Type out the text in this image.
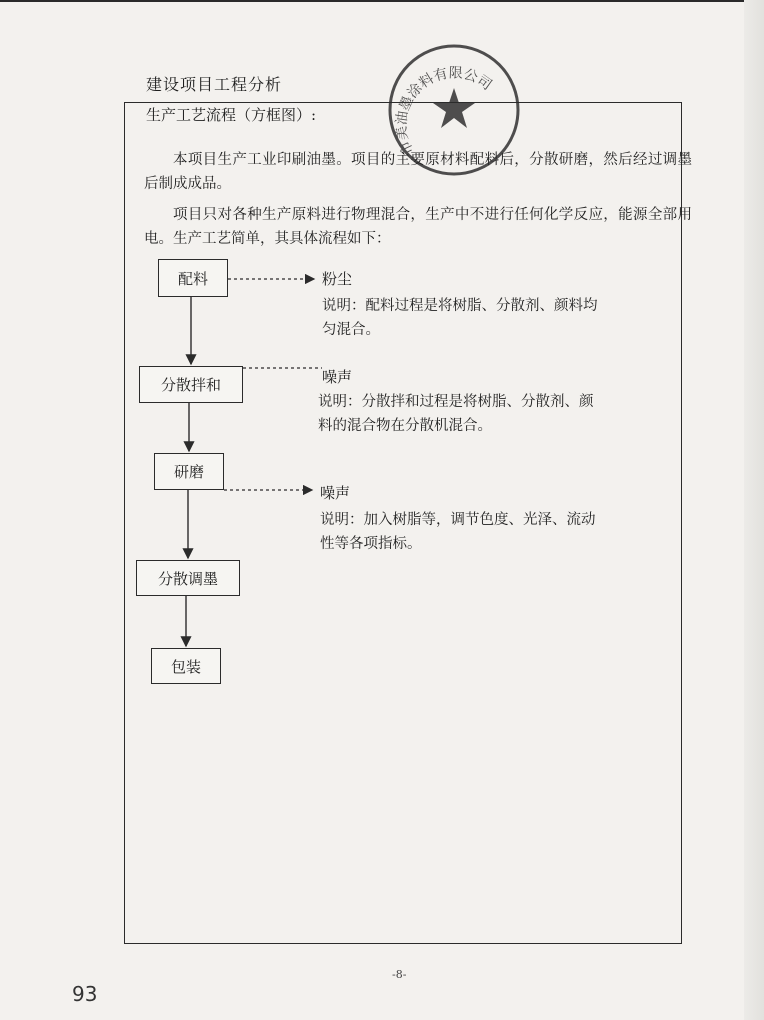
建设项目工程分析
生产工艺流程（方框图）:
本项目生产工业印刷油墨。项目的主要原材料配料后，分散研磨，然后经过调墨后制成成品。
项目只对各种生产原料进行物理混合，生产中不进行任何化学反应，能源全部用电。生产工艺简单，其具体流程如下：
配料
分散拌和
研磨
分散调墨
包装
粉尘
说明：配料过程是将树脂、分散剂、颜料均
匀混合。
噪声
说明：分散拌和过程是将树脂、分散剂、颜
料的混合物在分散机混合。
噪声
说明：加入树脂等，调节色度、光泽、流动
性等各项指标。
市美油墨涂料有限公司
-8-
93
